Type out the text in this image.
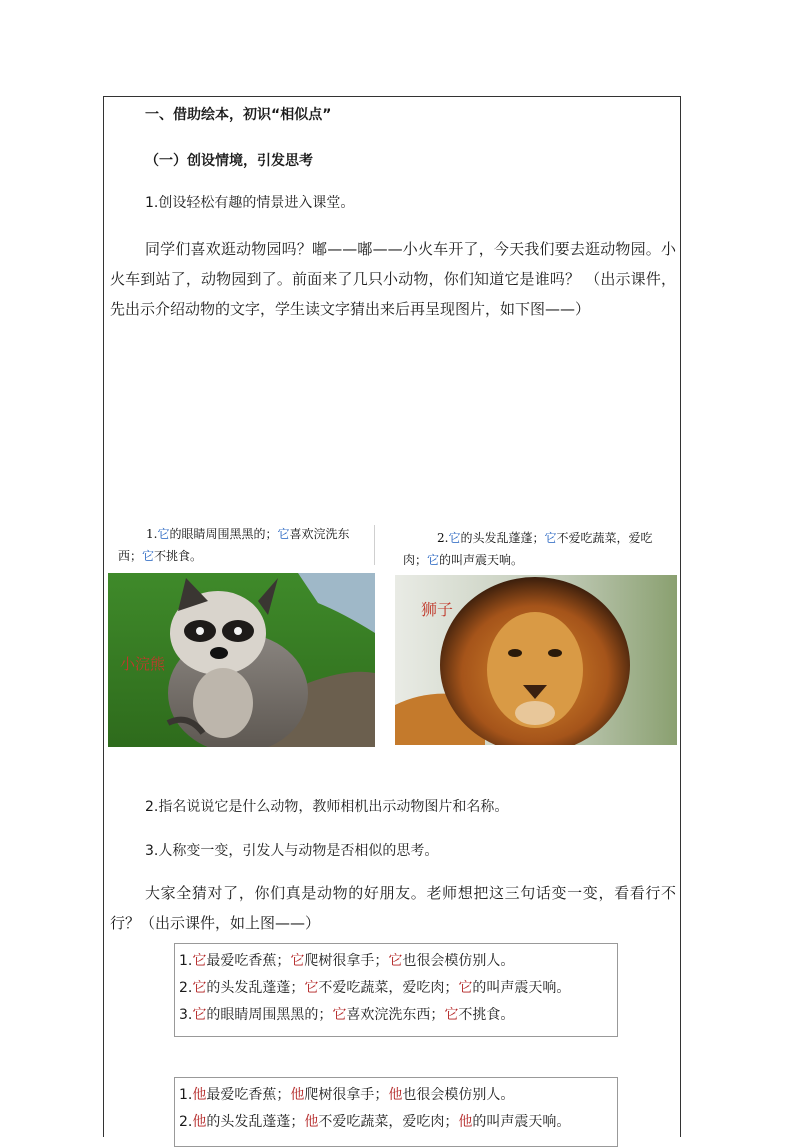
一、借助绘本，初识“相似点”
（一）创设情境，引发思考
1.创设轻松有趣的情景进入课堂。
同学们喜欢逛动物园吗？嘟——嘟——小火车开了，今天我们要去逛动物园。小火车到站了，动物园到了。前面来了几只小动物，你们知道它是谁吗？ （出示课件，先出示介绍动物的文字，学生读文字猜出来后再呈现图片，如下图——）
1.它的眼睛周围黑黑的；它喜欢浣洗东西；它不挑食。
小浣熊
2.它的头发乱蓬蓬；它不爱吃蔬菜，爱吃肉；它的叫声震天响。
狮子
2.指名说说它是什么动物，教师相机出示动物图片和名称。
3.人称变一变，引发人与动物是否相似的思考。
大家全猜对了，你们真是动物的好朋友。老师想把这三句话变一变，看看行不行？（出示课件，如上图——）
1.它最爱吃香蕉；它爬树很拿手；它也很会模仿别人。
2.它的头发乱蓬蓬；它不爱吃蔬菜，爱吃肉；它的叫声震天响。
3.它的眼睛周围黑黑的；它喜欢浣洗东西；它不挑食。
1.他最爱吃香蕉；他爬树很拿手；他也很会模仿别人。
2.他的头发乱蓬蓬；他不爱吃蔬菜，爱吃肉；他的叫声震天响。
